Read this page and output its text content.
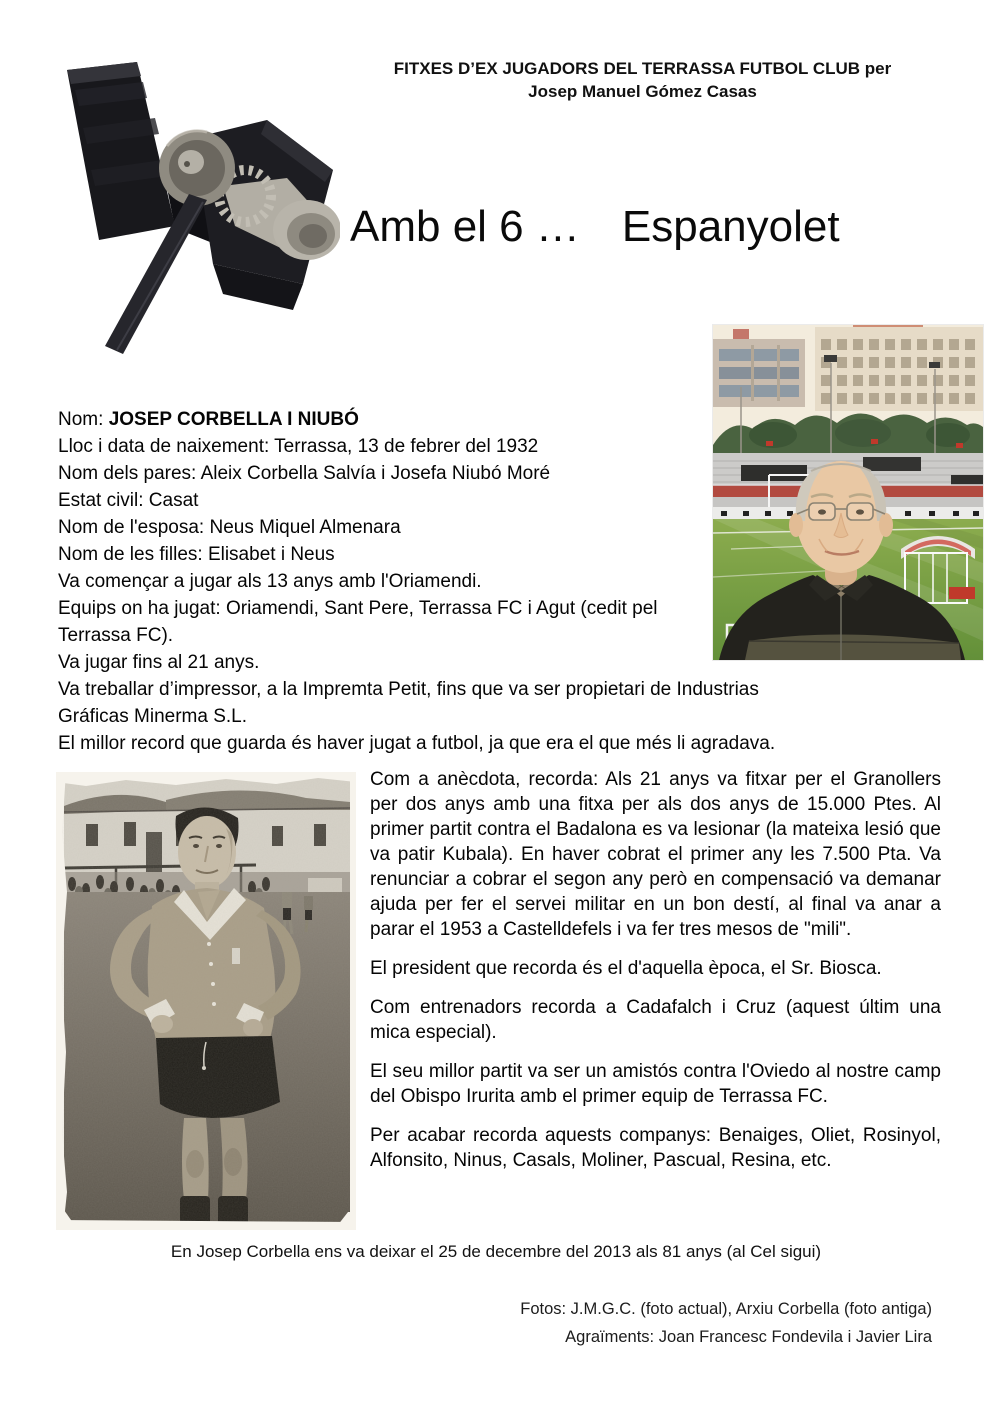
FITXES D’EX JUGADORS DEL TERRASSA FUTBOL CLUB per
Josep Manuel Gómez Casas
Amb el 6 … Espanyolet
Nom: JOSEP CORBELLA I NIUBÓ
Lloc i data de naixement: Terrassa, 13 de febrer del 1932
Nom dels pares: Aleix Corbella Salvía i Josefa Niubó Moré
Estat civil: Casat
Nom de l'esposa: Neus Miquel Almenara
Nom de les filles: Elisabet i Neus
Va començar a jugar als 13 anys amb l'Oriamendi.
Equips on ha jugat: Oriamendi, Sant Pere, Terrassa FC i Agut (cedit pel
Terrassa FC).
Va jugar fins al 21 anys.
Va treballar d’impressor, a la Impremta Petit, fins que va ser propietari de Industrias
Gráficas Minerma S.L.
El millor record que guarda és haver jugat a futbol, ja que era el que més li agradava.

Com a anècdota, recorda: Als 21 anys va fitxar per el Granollers per dos anys amb una fitxa per als dos anys de 15.000 Ptes. Al primer partit contra el Badalona es va lesionar (la mateixa lesió que va patir Kubala). En haver cobrat el primer any les 7.500 Pta. Va renunciar a cobrar el segon any però en compensació va demanar ajuda per fer el servei militar en un bon destí, al final va anar a parar el 1953 a Castelldefels i va fer tres mesos de "mili".

El president que recorda és el d'aquella època, el Sr. Biosca.

Com entrenadors recorda a Cadafalch i Cruz (aquest últim una mica especial).

El seu millor partit va ser un amistós contra l'Oviedo al nostre camp del Obispo Irurita amb el primer equip de Terrassa FC.

Per acabar recorda aquests companys: Benaiges, Oliet, Rosinyol, Alfonsito, Ninus, Casals, Moliner, Pascual, Resina, etc.

En Josep Corbella ens va deixar el 25 de decembre del 2013 als 81 anys (al Cel sigui)
Fotos: J.M.G.C. (foto actual), Arxiu Corbella (foto antiga)
Agraïments: Joan Francesc Fondevila i Javier Lira
